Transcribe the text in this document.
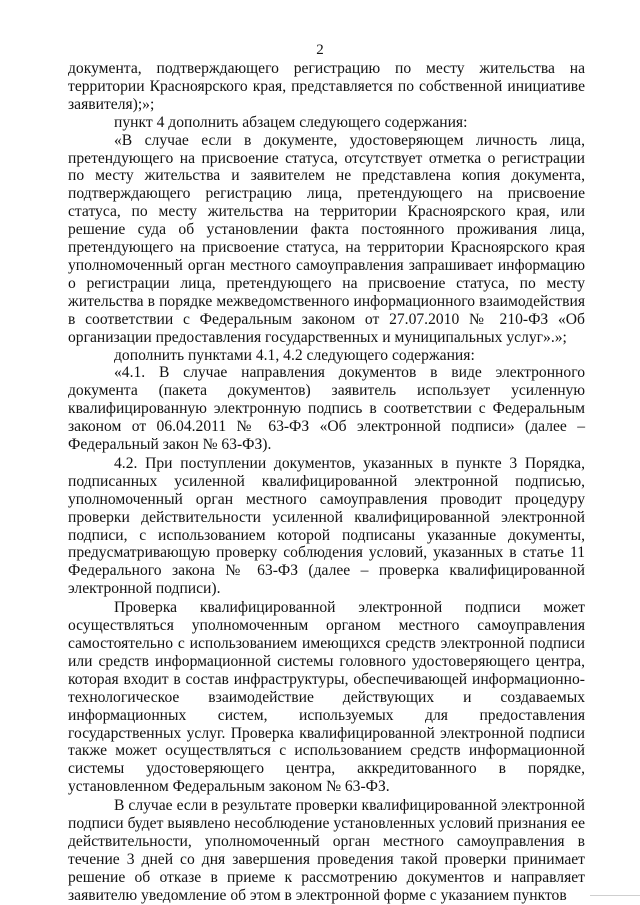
2

документа, подтверждающего регистрацию по месту жительства на территории Красноярского края, представляется по собственной инициативе заявителя);»;

пункт 4 дополнить абзацем следующего содержания:

«В случае если в документе, удостоверяющем личность лица, претендующего на присвоение статуса, отсутствует отметка о регистрации по месту жительства и заявителем не представлена копия документа, подтверждающего регистрацию лица, претендующего на присвоение статуса, по месту жительства на территории Красноярского края, или решение суда об установлении факта постоянного проживания лица, претендующего на присвоение статуса, на территории Красноярского края уполномоченный орган местного самоуправления запрашивает информацию о регистрации лица, претендующего на присвоение статуса, по месту жительства в порядке межведомственного информационного взаимодействия в соответствии с Федеральным законом от 27.07.2010 № 210-ФЗ «Об организации предоставления государственных и муниципальных услуг».»;

дополнить пунктами 4.1, 4.2 следующего содержания:

«4.1. В случае направления документов в виде электронного документа (пакета документов) заявитель использует усиленную квалифицированную электронную подпись в соответствии с Федеральным законом от 06.04.2011 № 63-ФЗ «Об электронной подписи» (далее – Федеральный закон № 63-ФЗ).

4.2. При поступлении документов, указанных в пункте 3 Порядка, подписанных усиленной квалифицированной электронной подписью, уполномоченный орган местного самоуправления проводит процедуру проверки действительности усиленной квалифицированной электронной подписи, с использованием которой подписаны указанные документы, предусматривающую проверку соблюдения условий, указанных в статье 11 Федерального закона № 63-ФЗ (далее – проверка квалифицированной электронной подписи).

Проверка квалифицированной электронной подписи может осуществляться уполномоченным органом местного самоуправления самостоятельно с использованием имеющихся средств электронной подписи или средств информационной системы головного удостоверяющего центра, которая входит в состав инфраструктуры, обеспечивающей информационно-технологическое взаимодействие действующих и создаваемых информационных систем, используемых для предоставления государственных услуг. Проверка квалифицированной электронной подписи также может осуществляться с использованием средств информационной системы удостоверяющего центра, аккредитованного в порядке, установленном Федеральным законом № 63-ФЗ.

В случае если в результате проверки квалифицированной электронной подписи будет выявлено несоблюдение установленных условий признания ее действительности, уполномоченный орган местного самоуправления в течение 3 дней со дня завершения проведения такой проверки принимает решение об отказе в приеме к рассмотрению документов и направляет заявителю уведомление об этом в электронной форме с указанием пунктов
